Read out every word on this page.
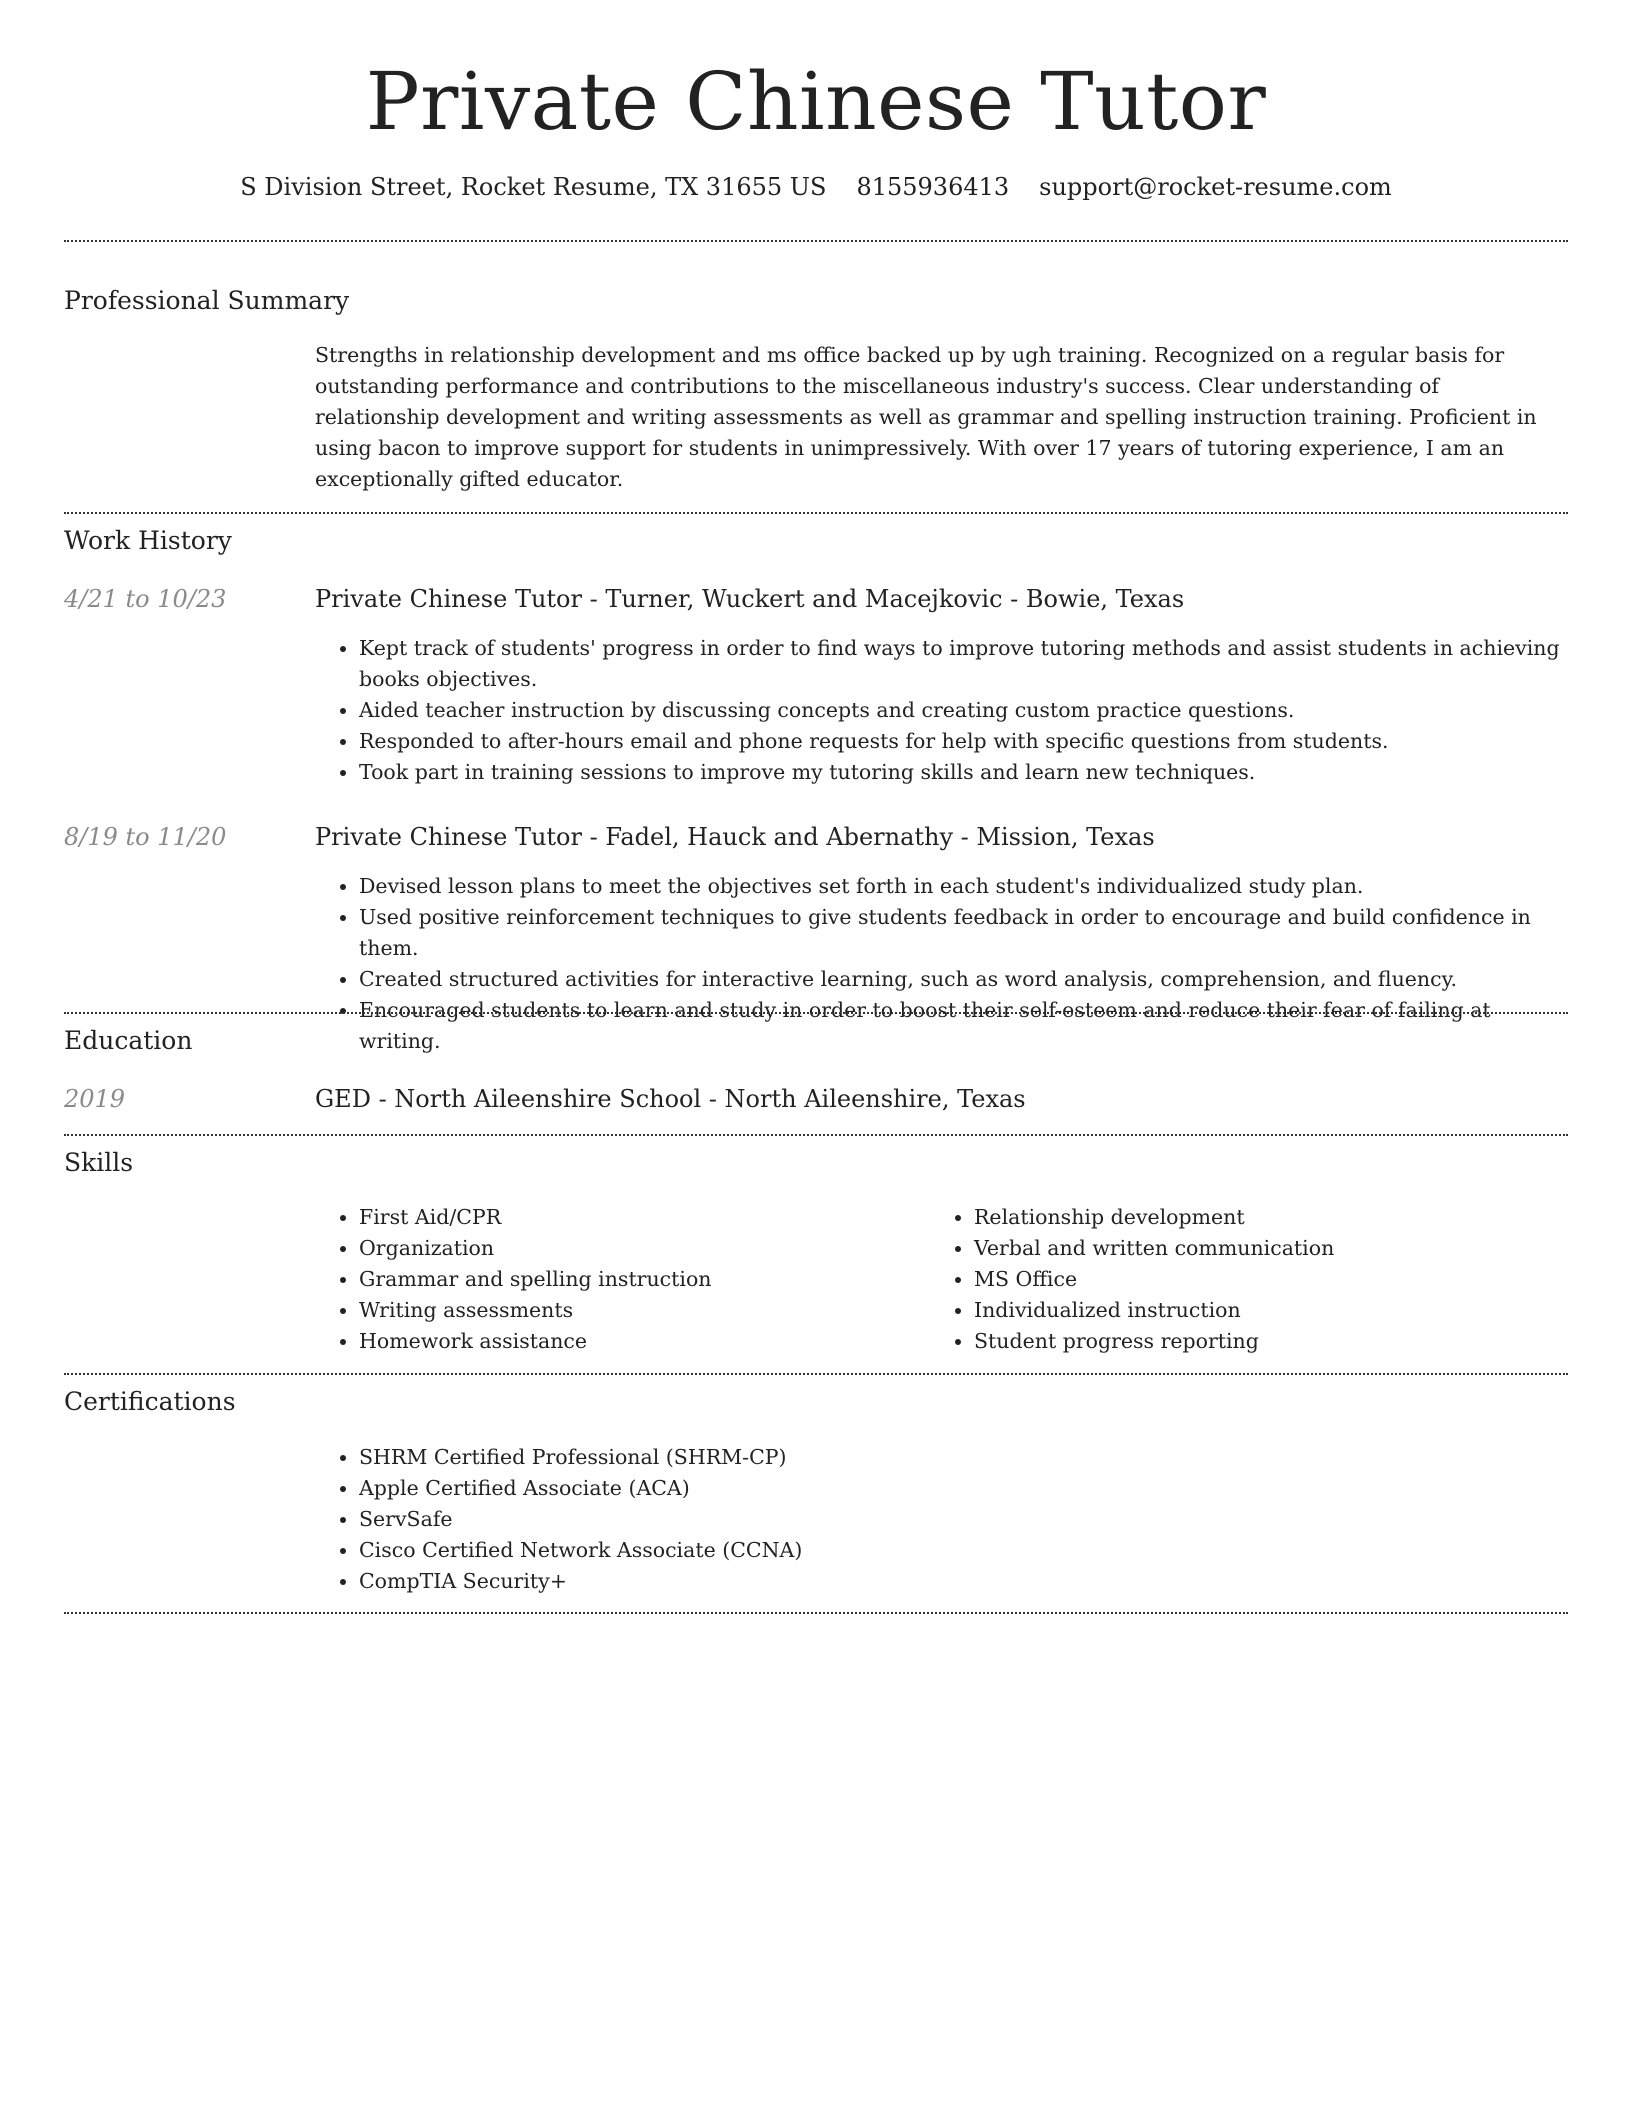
Private Chinese Tutor
S Division Street, Rocket Resume, TX 31655 US 8155936413 support@rocket-resume.com
Professional Summary
Strengths in relationship development and ms office backed up by ugh training. Recognized on a regular basis for outstanding performance and contributions to the miscellaneous industry's success. Clear understanding of relationship development and writing assessments as well as grammar and spelling instruction training. Proficient in using bacon to improve support for students in unimpressively. With over 17 years of tutoring experience, I am an exceptionally gifted educator.
Work History
4/21 to 10/23	Private Chinese Tutor - Turner, Wuckert and Macejkovic - Bowie, Texas
• Kept track of students' progress in order to find ways to improve tutoring methods and assist students in achieving books objectives.
• Aided teacher instruction by discussing concepts and creating custom practice questions.
• Responded to after-hours email and phone requests for help with specific questions from students.
• Took part in training sessions to improve my tutoring skills and learn new techniques.
8/19 to 11/20	Private Chinese Tutor - Fadel, Hauck and Abernathy - Mission, Texas
• Devised lesson plans to meet the objectives set forth in each student's individualized study plan.
• Used positive reinforcement techniques to give students feedback in order to encourage and build confidence in them.
• Created structured activities for interactive learning, such as word analysis, comprehension, and fluency.
• Encouraged students to learn and study in order to boost their self-esteem and reduce their fear of failing at writing.
Education
2019	GED - North Aileenshire School - North Aileenshire, Texas
Skills
• First Aid/CPR
• Organization
• Grammar and spelling instruction
• Writing assessments
• Homework assistance
• Relationship development
• Verbal and written communication
• MS Office
• Individualized instruction
• Student progress reporting
Certifications
• SHRM Certified Professional (SHRM-CP)
• Apple Certified Associate (ACA)
• ServSafe
• Cisco Certified Network Associate (CCNA)
• CompTIA Security+
